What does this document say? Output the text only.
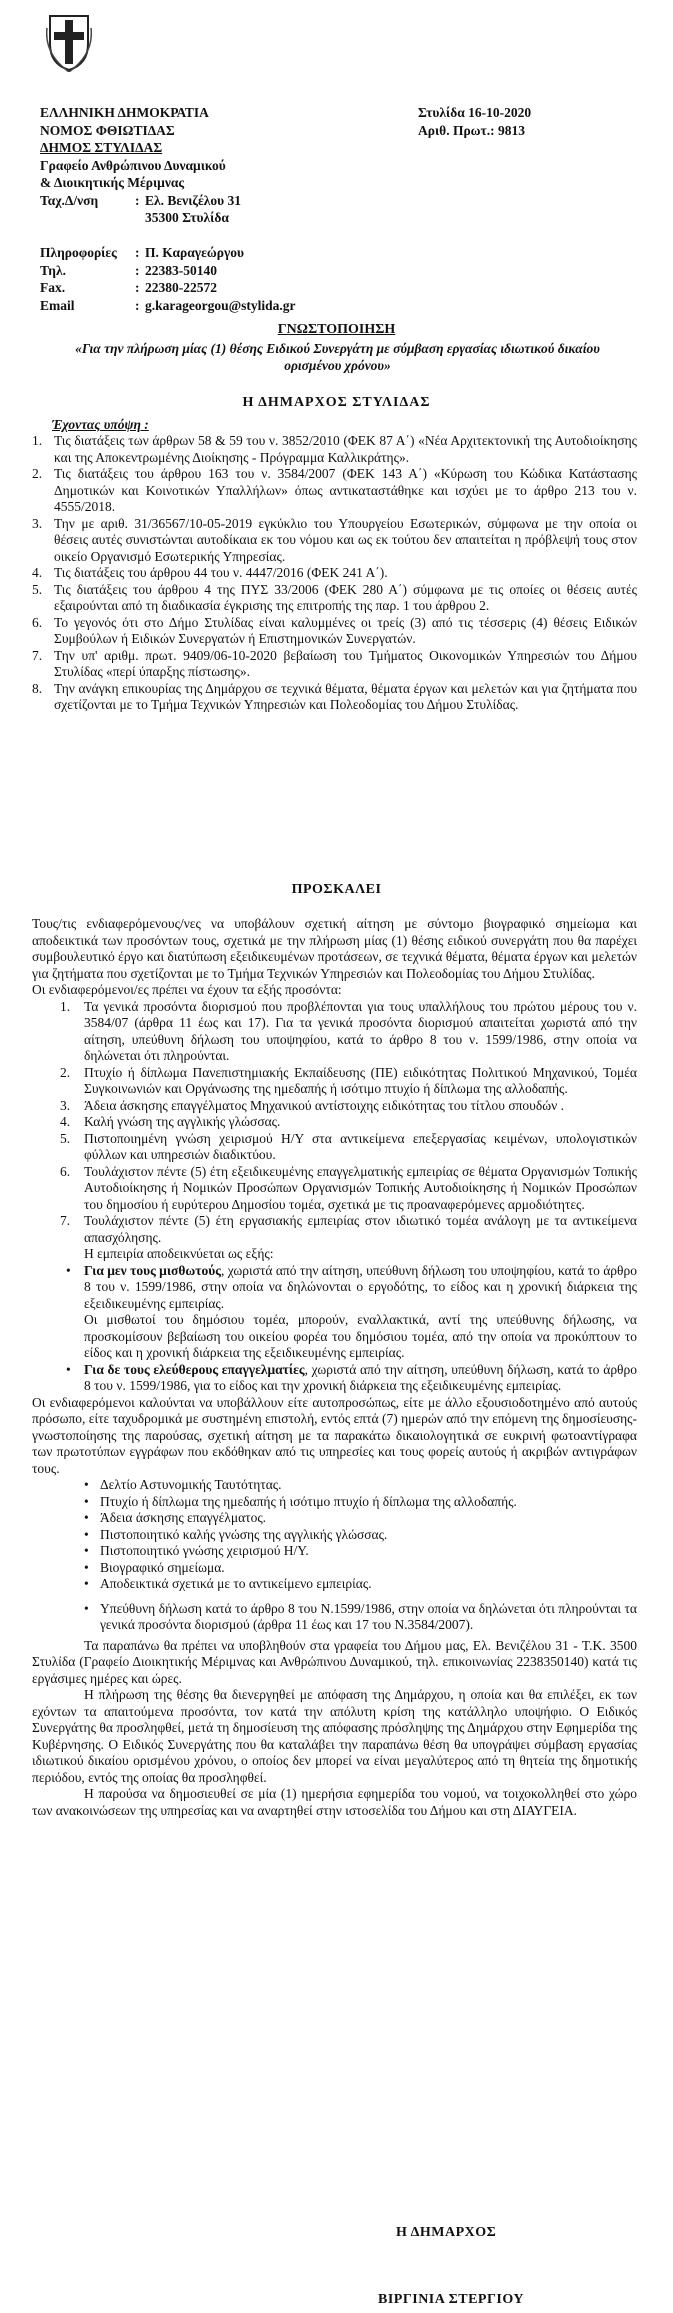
ΕΛΛΗΝΙΚΗ ΔΗΜΟΚΡΑΤΙΑ
ΝΟΜΟΣ ΦΘΙΩΤΙΔΑΣ
ΔΗΜΟΣ ΣΤΥΛΙΔΑΣ
Γραφείο Ανθρώπινου Δυναμικού
& Διοικητικής Μέριμνας
Ταχ.Δ/νση	: Ελ. Βενιζέλου 31
35300 Στυλίδα
Στυλίδα 16-10-2020
Αριθ. Πρωτ.: 9813
Πληροφορίες	: Π. Καραγεώργου
Τηλ.	: 22383-50140
Fax.	: 22380-22572
Email	: g.karageorgou@stylida.gr
ΓΝΩΣΤΟΠΟΙΗΣΗ
«Για την πλήρωση μίας (1) θέσης Ειδικού Συνεργάτη με σύμβαση εργασίας ιδιωτικού δικαίου ορισμένου χρόνου»
Η ΔΗΜΑΡΧΟΣ ΣΤΥΛΙΔΑΣ
Έχοντας υπόψη :
1. Τις διατάξεις των άρθρων 58 & 59 του ν. 3852/2010 (ΦΕΚ 87 Α΄) «Νέα Αρχιτεκτονική της Αυτοδιοίκησης και της Αποκεντρωμένης Διοίκησης - Πρόγραμμα Καλλικράτης».
2. Τις διατάξεις του άρθρου 163 του ν. 3584/2007 (ΦΕΚ 143 Α΄) «Κύρωση του Κώδικα Κατάστασης Δημοτικών και Κοινοτικών Υπαλλήλων» όπως αντικαταστάθηκε και ισχύει με το άρθρο 213 του ν. 4555/2018.
3. Την με αριθ. 31/36567/10-05-2019 εγκύκλιο του Υπουργείου Εσωτερικών, σύμφωνα με την οποία οι θέσεις αυτές συνιστώνται αυτοδίκαια εκ του νόμου και ως εκ τούτου δεν απαιτείται η πρόβλεψή τους στον οικείο Οργανισμό Εσωτερικής Υπηρεσίας.
4. Τις διατάξεις του άρθρου 44 του ν. 4447/2016 (ΦΕΚ 241 Α΄).
5. Τις διατάξεις του άρθρου 4 της ΠΥΣ 33/2006 (ΦΕΚ 280 Α΄) σύμφωνα με τις οποίες οι θέσεις αυτές εξαιρούνται από τη διαδικασία έγκρισης της επιτροπής της παρ. 1 του άρθρου 2.
6. Το γεγονός ότι στο Δήμο Στυλίδας είναι καλυμμένες οι τρείς (3) από τις τέσσερις (4) θέσεις Ειδικών Συμβούλων ή Ειδικών Συνεργατών ή Επιστημονικών Συνεργατών.
7. Την υπ' αριθμ. πρωτ. 9409/06-10-2020 βεβαίωση του Τμήματος Οικονομικών Υπηρεσιών του Δήμου Στυλίδας «περί ύπαρξης πίστωσης».
8. Την ανάγκη επικουρίας της Δημάρχου σε τεχνικά θέματα, θέματα έργων και μελετών και για ζητήματα που σχετίζονται με το Τμήμα Τεχνικών Υπηρεσιών και Πολεοδομίας του Δήμου Στυλίδας.
ΠΡΟΣΚΑΛΕΙ

Τους/τις ενδιαφερόμενους/νες να υποβάλουν σχετική αίτηση με σύντομο βιογραφικό σημείωμα και αποδεικτικά των προσόντων τους, σχετικά με την πλήρωση μίας (1) θέσης ειδικού συνεργάτη που θα παρέχει συμβουλευτικό έργο και διατύπωση εξειδικευμένων προτάσεων, σε τεχνικά θέματα, θέματα έργων και μελετών για ζητήματα που σχετίζονται με το Τμήμα Τεχνικών Υπηρεσιών και Πολεοδομίας του Δήμου Στυλίδας.

Οι ενδιαφερόμενοι/ες πρέπει να έχουν τα εξής προσόντα:

1.	Τα γενικά προσόντα διορισμού που προβλέπονται για τους υπαλλήλους του πρώτου μέρους του ν. 3584/07 (άρθρα 11 έως και 17). Για τα γενικά προσόντα διορισμού απαιτείται χωριστά από την αίτηση, υπεύθυνη δήλωση του υποψηφίου, κατά το άρθρο 8 του ν. 1599/1986, στην οποία να δηλώνεται ότι πληρούνται.
2.	Πτυχίο ή δίπλωμα Πανεπιστημιακής Εκπαίδευσης (ΠΕ) ειδικότητας Πολιτικού Μηχανικού, Τομέα Συγκοινωνιών και Οργάνωσης της ημεδαπής ή ισότιμο πτυχίο ή δίπλωμα της αλλοδαπής.
3.	Άδεια άσκησης επαγγέλματος Μηχανικού αντίστοιχης ειδικότητας του τίτλου σπουδών .
4.	Καλή γνώση της αγγλικής γλώσσας.
5.	Πιστοποιημένη γνώση χειρισμού Η/Υ στα αντικείμενα επεξεργασίας κειμένων, υπολογιστικών φύλλων και υπηρεσιών διαδικτύου.
6.	Τουλάχιστον πέντε (5) έτη εξειδικευμένης επαγγελματικής εμπειρίας σε θέματα Οργανισμών Τοπικής Αυτοδιοίκησης ή Νομικών Προσώπων Οργανισμών Τοπικής Αυτοδιοίκησης ή Νομικών Προσώπων του δημοσίου ή ευρύτερου Δημοσίου τομέα, σχετικά με τις προαναφερόμενες αρμοδιότητες.
7.	Τουλάχιστον πέντε (5) έτη εργασιακής εμπειρίας στον ιδιωτικό τομέα ανάλογη με τα αντικείμενα απασχόλησης.

Η εμπειρία αποδεικνύεται ως εξής:

• Για μεν τους μισθωτούς, χωριστά από την αίτηση, υπεύθυνη δήλωση του υποψηφίου, κατά το άρθρο 8 του ν. 1599/1986, στην οποία να δηλώνονται ο εργοδότης, το είδος και η χρονική διάρκεια της εξειδικευμένης εμπειρίας.
Οι μισθωτοί του δημόσιου τομέα, μπορούν, εναλλακτικά, αντί της υπεύθυνης δήλωσης, να προσκομίσουν βεβαίωση του οικείου φορέα του δημόσιου τομέα, από την οποία να προκύπτουν το είδος και η χρονική διάρκεια της εξειδικευμένης εμπειρίας.
• Για δε τους ελεύθερους επαγγελματίες, χωριστά από την αίτηση, υπεύθυνη δήλωση, κατά το άρθρο 8 του ν. 1599/1986, για το είδος και την χρονική διάρκεια της εξειδικευμένης εμπειρίας.

Οι ενδιαφερόμενοι καλούνται να υποβάλλουν είτε αυτοπροσώπως, είτε με άλλο εξουσιοδοτημένο από αυτούς πρόσωπο, είτε ταχυδρομικά με συστημένη επιστολή, εντός επτά (7) ημερών από την επόμενη της δημοσίευσης-γνωστοποίησης της παρούσας, σχετική αίτηση με τα παρακάτω δικαιολογητικά σε ευκρινή φωτοαντίγραφα των πρωτοτύπων εγγράφων που εκδόθηκαν από τις υπηρεσίες και τους φορείς αυτούς ή ακριβών αντιγράφων τους.

• Δελτίο Αστυνομικής Ταυτότητας.
• Πτυχίο ή δίπλωμα της ημεδαπής ή ισότιμο πτυχίο ή δίπλωμα της αλλοδαπής.
• Άδεια άσκησης επαγγέλματος.
• Πιστοποιητικό καλής γνώσης της αγγλικής γλώσσας.
• Πιστοποιητικό γνώσης χειρισμού Η/Υ.
• Βιογραφικό σημείωμα.
• Αποδεικτικά σχετικά με το αντικείμενο εμπειρίας.
• Υπεύθυνη δήλωση κατά το άρθρο 8 του Ν.1599/1986, στην οποία να δηλώνεται ότι πληρούνται τα γενικά προσόντα διορισμού (άρθρα 11 έως και 17 του Ν.3584/2007).

Τα παραπάνω θα πρέπει να υποβληθούν στα γραφεία του Δήμου μας, Ελ. Βενιζέλου 31 - Τ.Κ. 3500 Στυλίδα (Γραφείο Διοικητικής Μέριμνας και Ανθρώπινου Δυναμικού, τηλ. επικοινωνίας 2238350140) κατά τις εργάσιμες ημέρες και ώρες.

Η πλήρωση της θέσης θα διενεργηθεί με απόφαση της Δημάρχου, η οποία και θα επιλέξει, εκ των εχόντων τα απαιτούμενα προσόντα, τον κατά την απόλυτη κρίση της κατάλληλο υποψήφιο. Ο Ειδικός Συνεργάτης θα προσληφθεί, μετά τη δημοσίευση της απόφασης πρόσληψης της Δημάρχου στην Εφημερίδα της Κυβέρνησης. Ο Ειδικός Συνεργάτης που θα καταλάβει την παραπάνω θέση θα υπογράψει σύμβαση εργασίας ιδιωτικού δικαίου ορισμένου χρόνου, ο οποίος δεν μπορεί να είναι μεγαλύτερος από τη θητεία της δημοτικής περιόδου, εντός της οποίας θα προσληφθεί.

Η παρούσα να δημοσιευθεί σε μία (1) ημερήσια εφημερίδα του νομού, να τοιχοκολληθεί στο χώρο των ανακοινώσεων της υπηρεσίας και να αναρτηθεί στην ιστοσελίδα του Δήμου και στη ΔΙΑΥΓΕΙΑ.

Η ΔΗΜΑΡΧΟΣ
ΒΙΡΓΙΝΙΑ ΣΤΕΡΓΙΟΥ
